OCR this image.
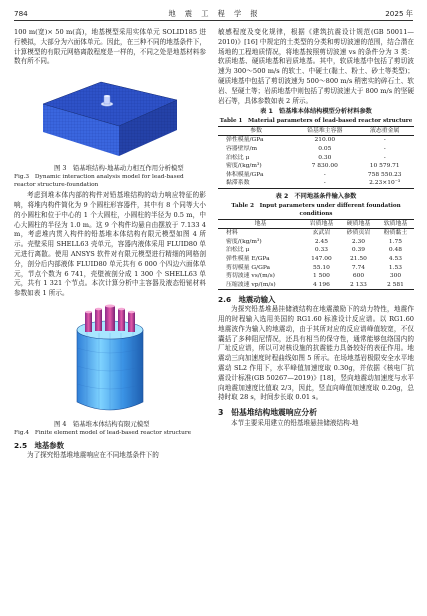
784	地　震　工　程　学　报	2025 年

100 m(宽)× 50 m(高)，地基模型采用实体单元 SOLID185 进行模拟，大部分为六面体单元。因此，在三种不同的地基条件下，计算模型的有限元网格离散程度是一样的，不同之处是地基材料参数有所不同。

图 3　铅基堆结构-地基动力相互作用分析模型

Fig.3　Dynamic interaction analysis model for lead-based reactor structure-foundation

考虑到堆本体内部的构件对铅基堆结构的动力响应特征的影响，将堆内构件简化为 9 个圆柱形容器件，其中有 8 个同等大小的小圆柱和位于中心的 1 个大圆柱，小圆柱的半径为 0.5 m，中心大圆柱的半径为 1.0 m。这 9 个构件均悬自由摆放于 7.133 4 m，考虑堆内贯入构件的铅基堆本体结构有限元模型如图 4 所示。壳壁采用 SHELL63 壳单元，容器内液体采用 FLUID80 单元进行离散。使用 ANSYS 软件对有限元模型进行精细的网格剖分，剖分后内部液体 FLUID80 单元共有 6 000 个四边六面体单元，节点个数为 6 741，壳壁被剖分成 1 300 个 SHELL63 单元，共有 1 321 个节点。本次计算分析中主容器及液态铅铋材料参数如表 1 所示。

图 4　铅基堆本体结构有限元模型

Fig.4　Finite element model of lead-based reactor structure

2.5　地基参数

为了探究铅基堆地震响应在不同地基条件下的

敏感程度及变化规律，根据《建筑抗震设计规范(GB 50011—2010)》[16] 中规定的土类型的分类和剪切波速的范围，结合潜在场地的工程地质情况，将地基按照剪切波速 vs 的条件分为 3 类：软质地基、硬质地基和岩质地基。其中，软质地基中包括了剪切波速为 300～500 m/s 的软土、中硬土(黏土、粉土、砂土等类型)；硬质地基中包括了剪切波速为 500～800 m/s 稍密实的碎石土、软岩、坚硬土等；岩质地基中则包括了剪切波速大于 800 m/s 的坚硬岩石等，具体参数如表 2 所示。

表 1　铅基堆本体结构模型分析材料参数

Table 1　Material parameters of lead-based reactor structure

参数	铅基堆主容器	液态重金属
弹性模量/GPa	210.00	-
容器壁厚/m	0.05	-
泊松比 μ	0.30	-
密度/(kg/m³)	7 830.00	10 579.71
体积模量/GPa	-	758 550.23
黏滞系数	-	2.23×10⁻³

表 2　不同地基条件输入参数

Table 2　Input parameters under different foundation conditions

地基	岩质地基	硬质地基	软质地基
材料	玄武岩	砂质页岩	粉质黏土
密度/(kg/m³)	2.45	2.30	1.75
泊松比 μ	0.33	0.39	0.48
弹性模量 E/GPa	147.00	21.50	4.53
剪切模量 G/GPa	55.10	7.74	1.53
剪切波速 vs/(m/s)	1 500	600	300
压缩波速 vp/(m/s)	4 196	2 133	2 581

2.6　地震动输入

为探究铅基堆悬挂储液结构在地震激励下的动力特性，地震作用的时程输入选用美国的 RG1.60 标准设计反应谱。以 RG1.60 地震波作为输入的地震动，由于其所对应的反应谱峰值较宽，不仅囊括了多种阻尼情况，还具有相当的保守性，通常能够包络国内的厂址反应谱，所以可对核设施的抗震能力具备较好的表征作用。地震动三向加速度时程曲线如图 5 所示。在场地基岩极限安全水平地震动 SL2 作用下，水平峰值加速度取 0.30g，并依据《核电厂抗震设计标准(GB 50267—2019)》[18]，竖向地震动加速度与水平向地震加速度比值取 2/3，因此，竖直向峰值加速度取 0.20g，总持时取 28 s，时间步长取 0.01 s。

3　铅基堆结构地震响应分析

本节主要采用建立的铅基堆悬挂储液结构-地
